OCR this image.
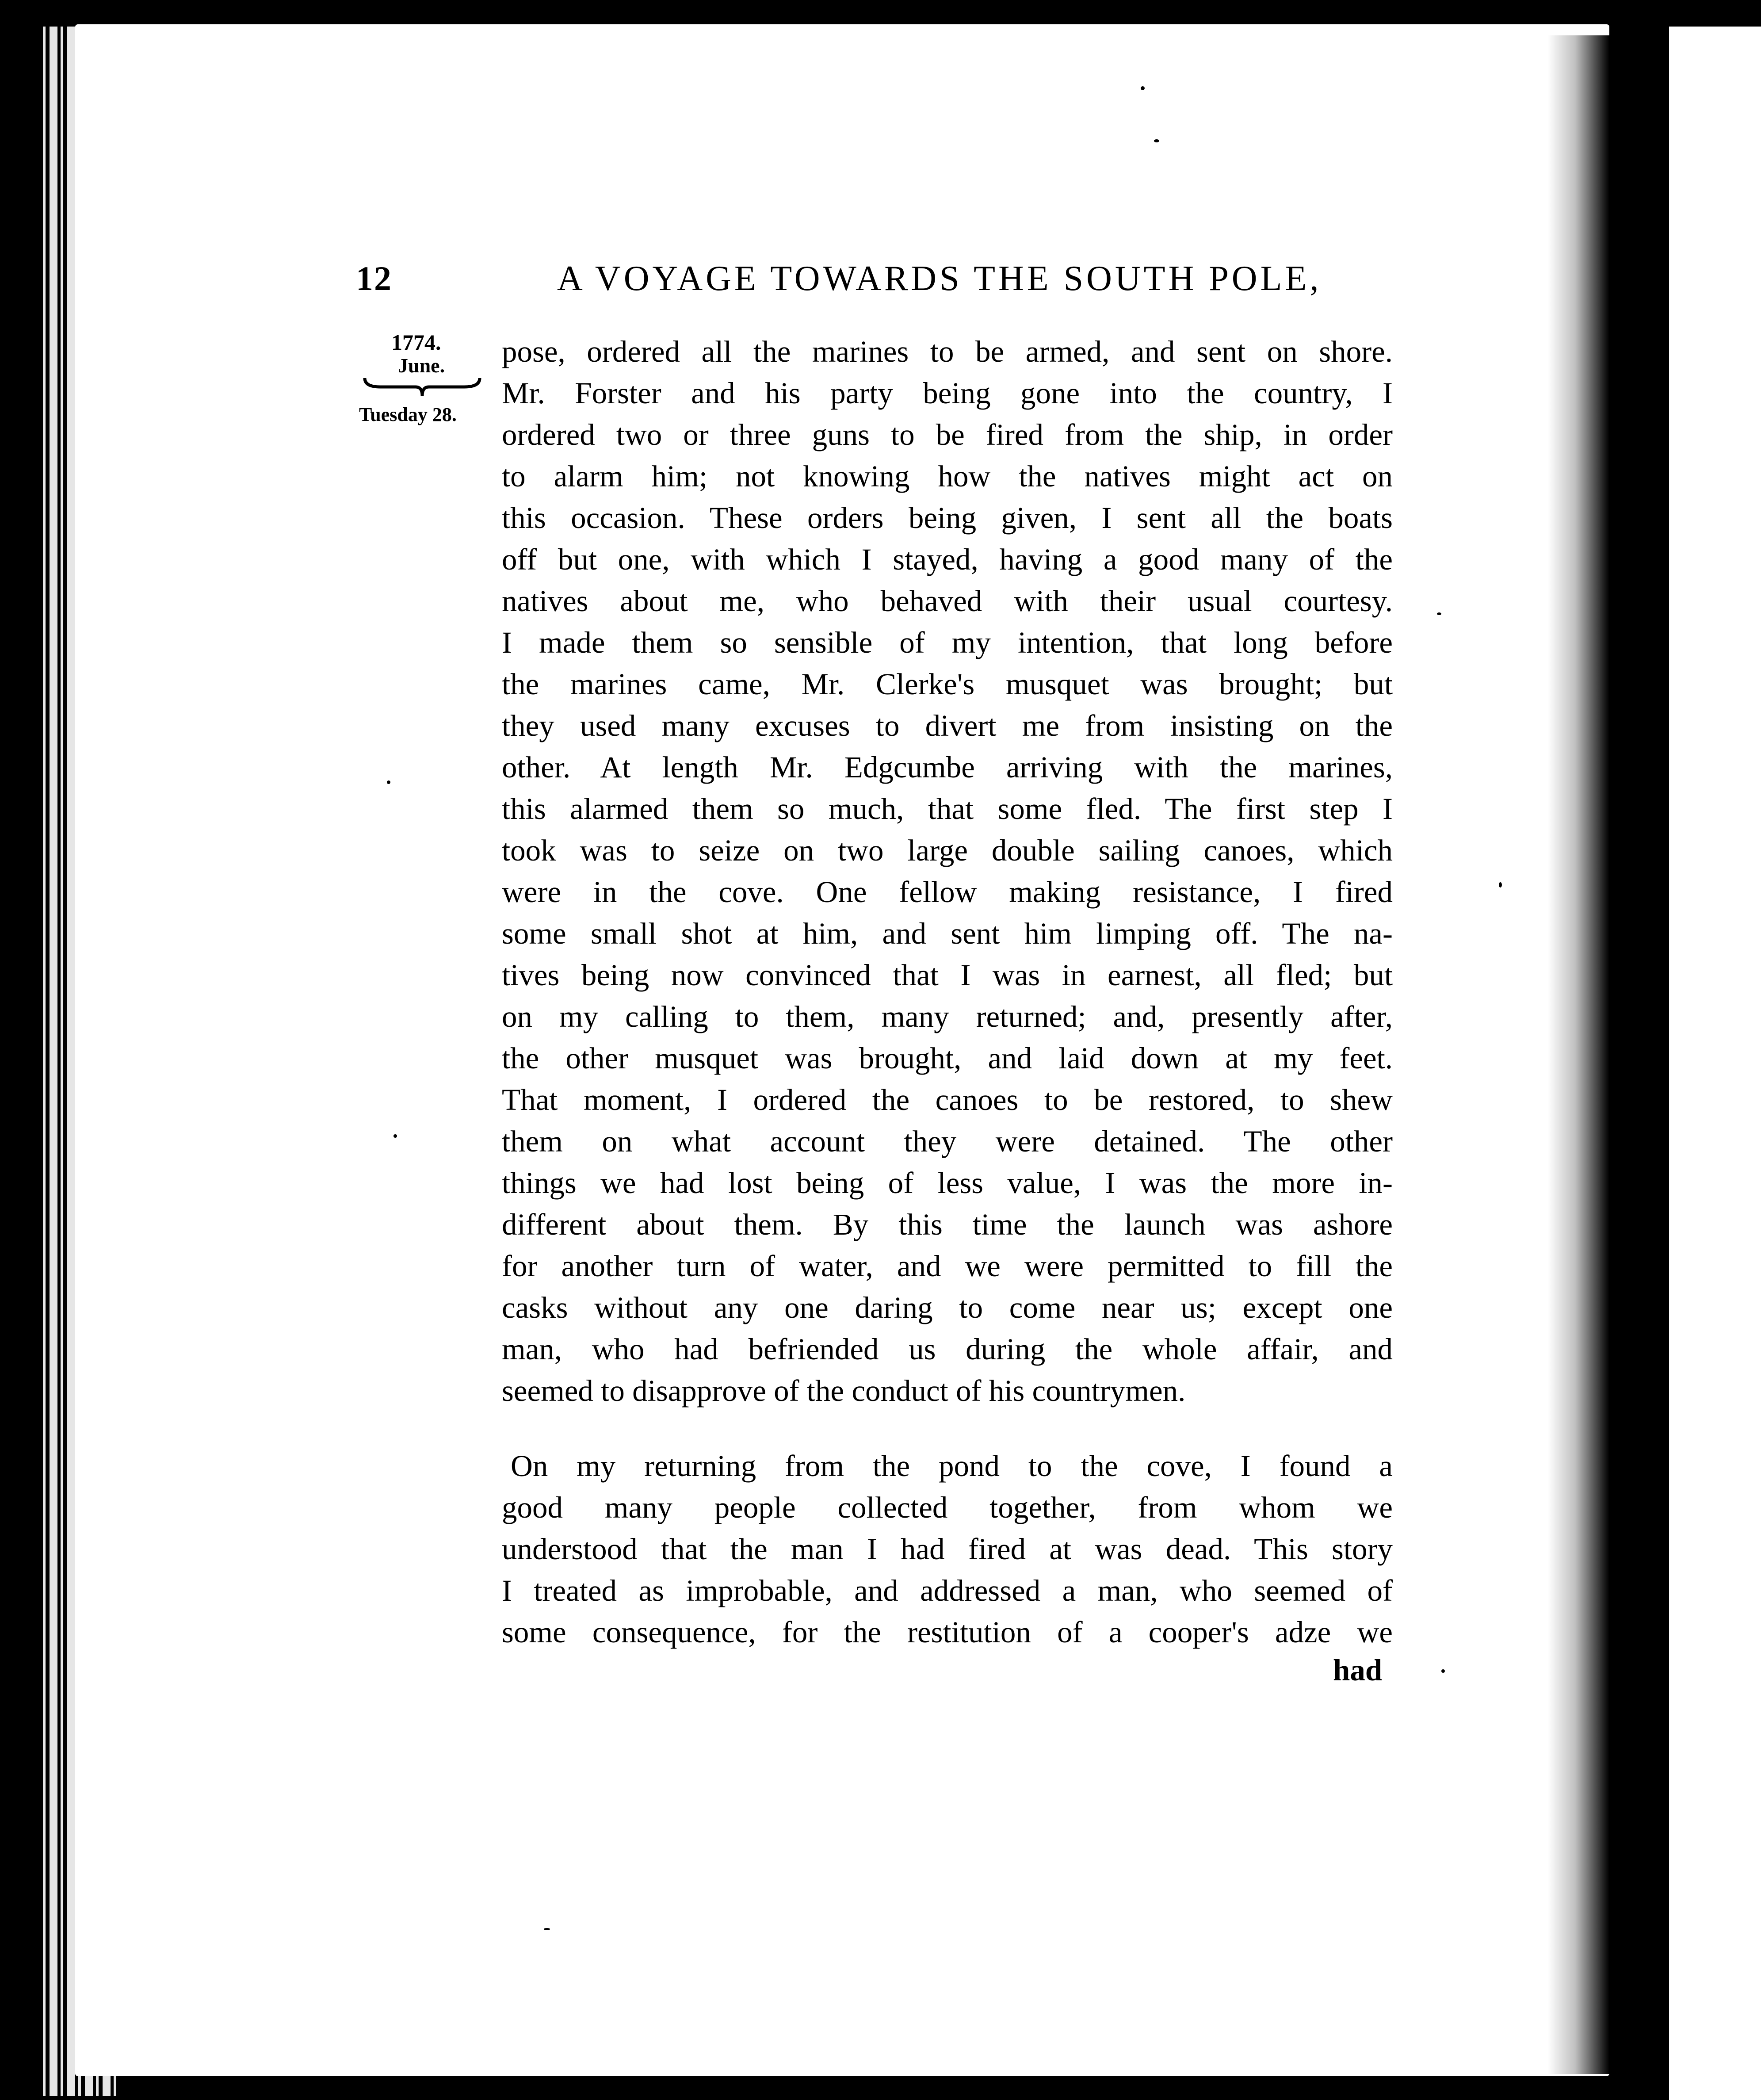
12	A VOYAGE TOWARDS THE SOUTH POLE,
1774.
June.
Tuesday 28.
pose, ordered all the marines to be armed, and sent on shore.
Mr. Forster and his party being gone into the country, I
ordered two or three guns to be fired from the ship, in order
to alarm him; not knowing how the natives might act on
this occasion. These orders being given, I sent all the boats
off but one, with which I stayed, having a good many of the
natives about me, who behaved with their usual courtesy.
I made them so sensible of my intention, that long before
the marines came, Mr. Clerke's musquet was brought; but
they used many excuses to divert me from insisting on the
other. At length Mr. Edgcumbe arriving with the marines,
this alarmed them so much, that some fled. The first step I
took was to seize on two large double sailing canoes, which
were in the cove. One fellow making resistance, I fired
some small shot at him, and sent him limping off. The na-
tives being now convinced that I was in earnest, all fled; but
on my calling to them, many returned; and, presently after,
the other musquet was brought, and laid down at my feet.
That moment, I ordered the canoes to be restored, to shew
them on what account they were detained. The other
things we had lost being of less value, I was the more in-
different about them. By this time the launch was ashore
for another turn of water, and we were permitted to fill the
casks without any one daring to come near us; except one
man, who had befriended us during the whole affair, and
seemed to disapprove of the conduct of his countrymen.
On my returning from the pond to the cove, I found a
good many people collected together, from whom we
understood that the man I had fired at was dead. This story
I treated as improbable, and addressed a man, who seemed of
some consequence, for the restitution of a cooper's adze we
had
